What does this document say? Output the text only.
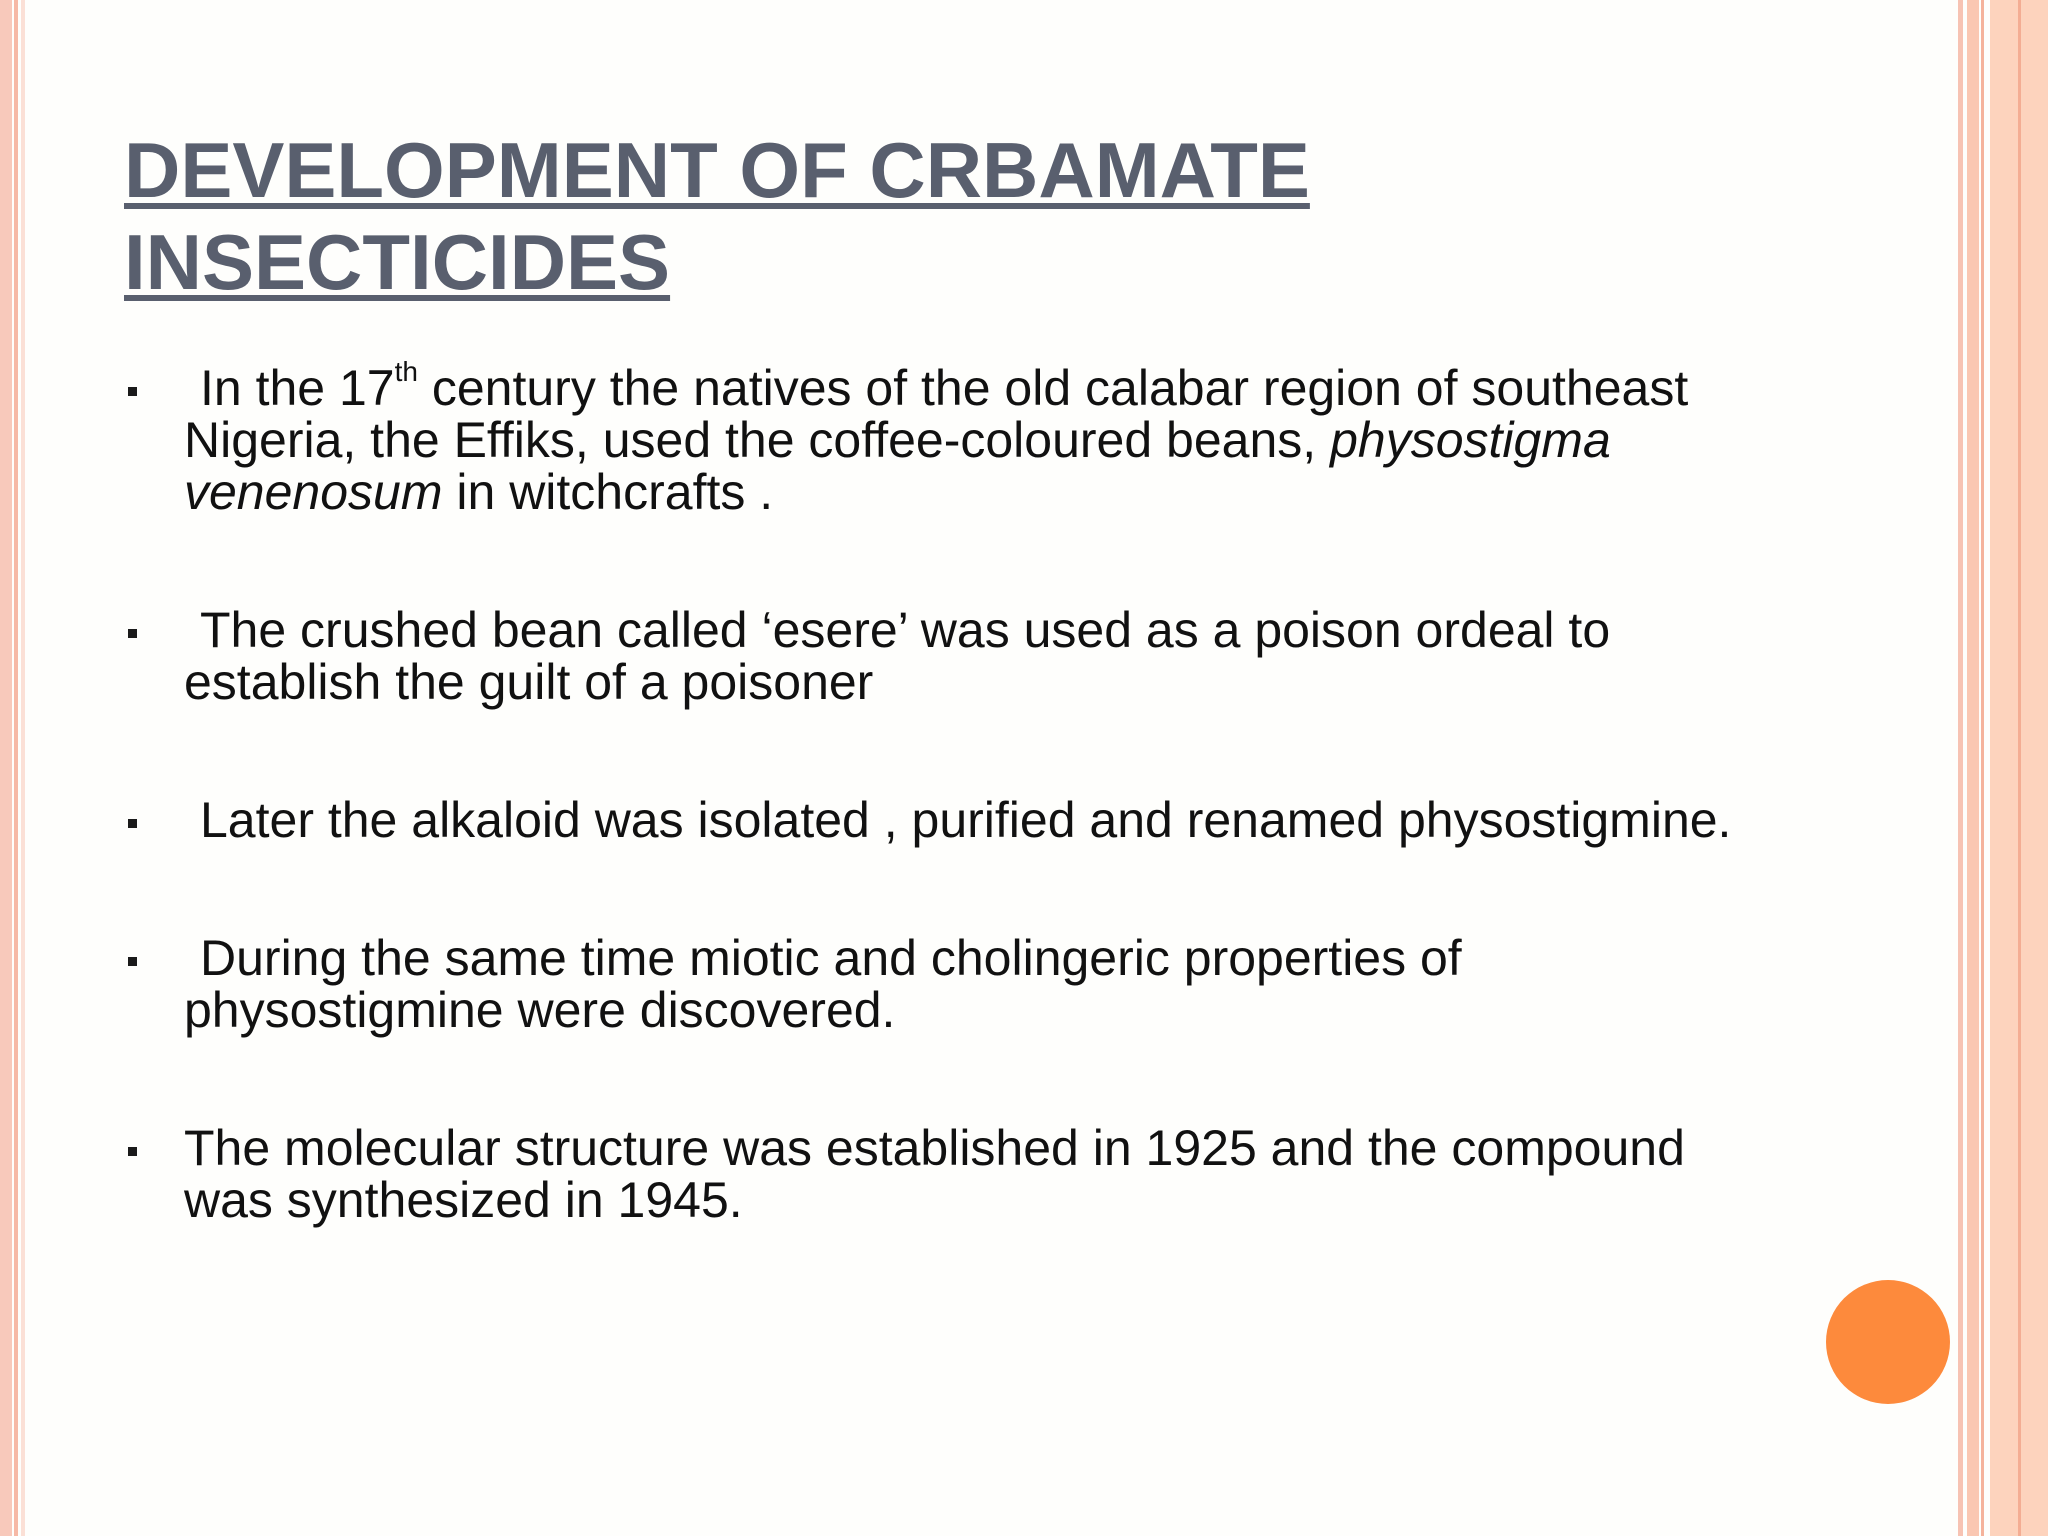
DEVELOPMENT OF CRBAMATE INSECTICIDES
In the 17th century the natives of the old calabar region of southeast Nigeria, the Effiks, used the coffee-coloured beans, physostigma venenosum in witchcrafts .
The crushed bean called ‘esere’ was used as a poison ordeal to establish the guilt of a poisoner
Later the alkaloid was isolated , purified and renamed physostigmine.
During the same time miotic and cholingeric properties of physostigmine were discovered.
The molecular structure was established in 1925 and the compound was synthesized in 1945.
